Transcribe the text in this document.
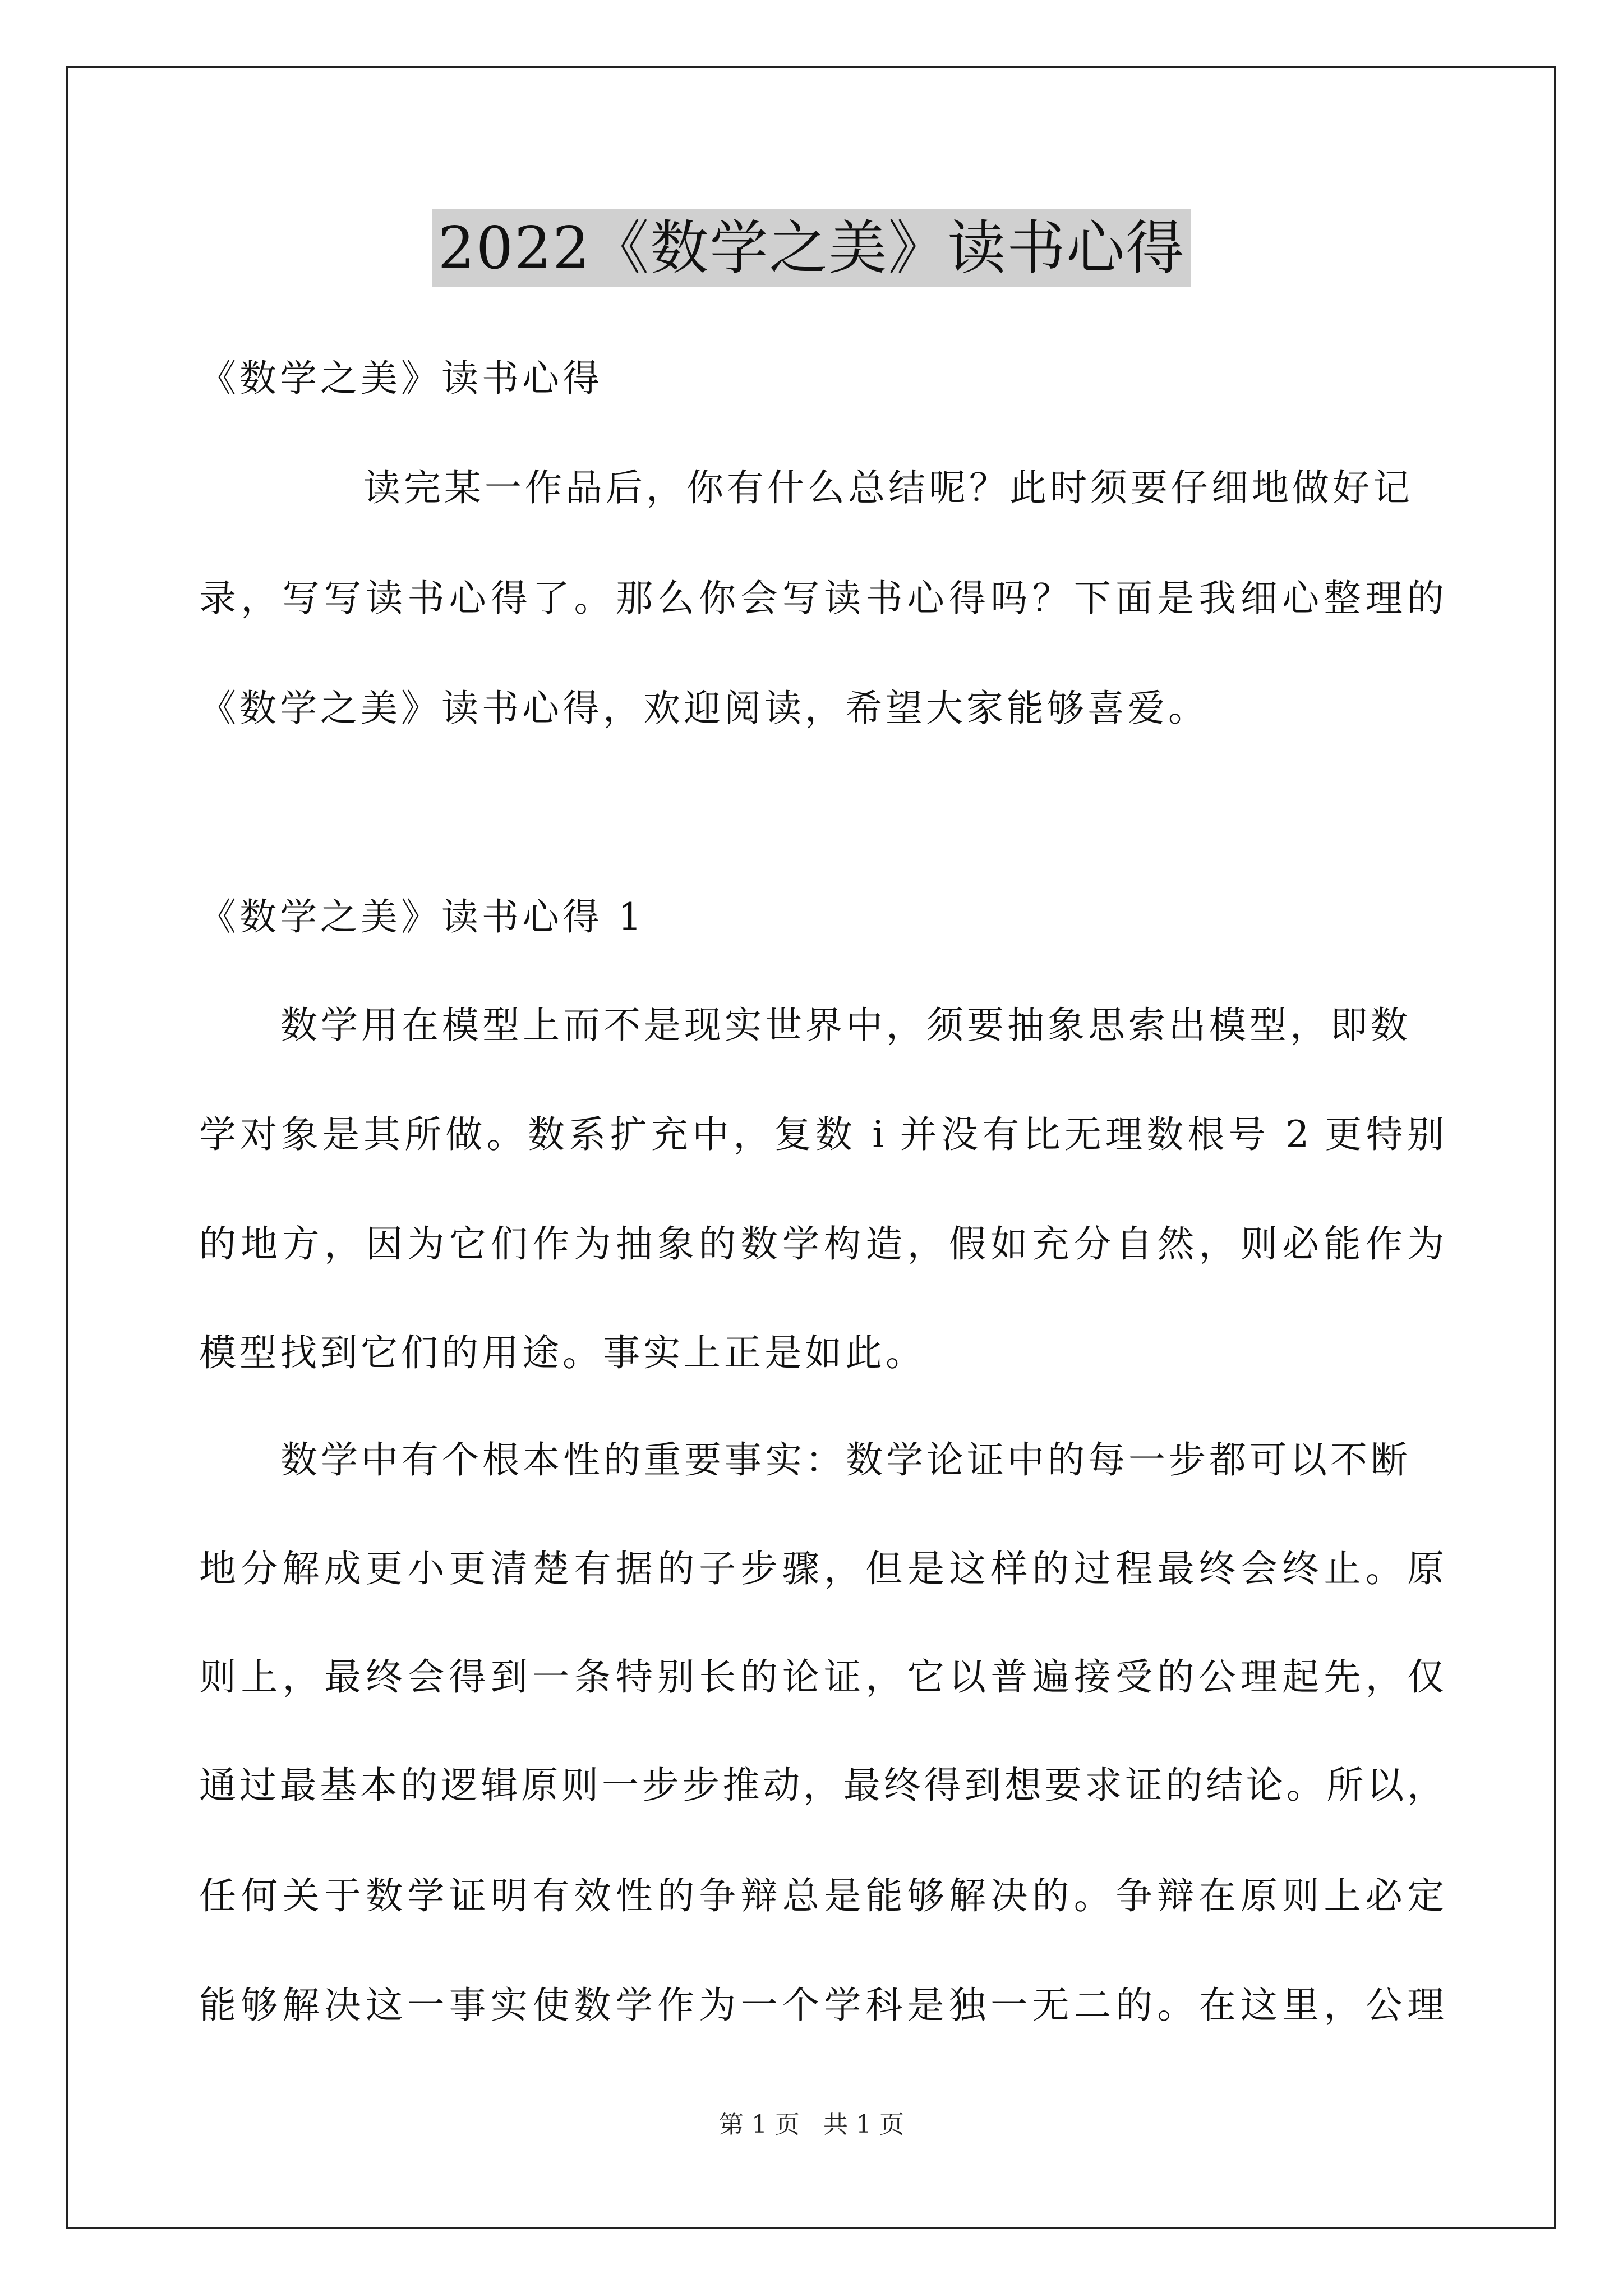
2022《数学之美》读书心得
《数学之美》读书心得
读完某一作品后，你有什么总结呢？此时须要仔细地做好记
录，写写读书心得了。那么你会写读书心得吗？下面是我细心整理的
《数学之美》读书心得，欢迎阅读，希望大家能够喜爱。
《数学之美》读书心得 1
数学用在模型上而不是现实世界中，须要抽象思索出模型，即数
学对象是其所做。数系扩充中，复数 i 并没有比无理数根号 2 更特别
的地方，因为它们作为抽象的数学构造，假如充分自然，则必能作为
模型找到它们的用途。事实上正是如此。
数学中有个根本性的重要事实：数学论证中的每一步都可以不断
地分解成更小更清楚有据的子步骤，但是这样的过程最终会终止。原
则上，最终会得到一条特别长的论证，它以普遍接受的公理起先，仅
通过最基本的逻辑原则一步步推动，最终得到想要求证的结论。所以，
任何关于数学证明有效性的争辩总是能够解决的。争辩在原则上必定
能够解决这一事实使数学作为一个学科是独一无二的。在这里，公理
第 1 页 共 1 页
